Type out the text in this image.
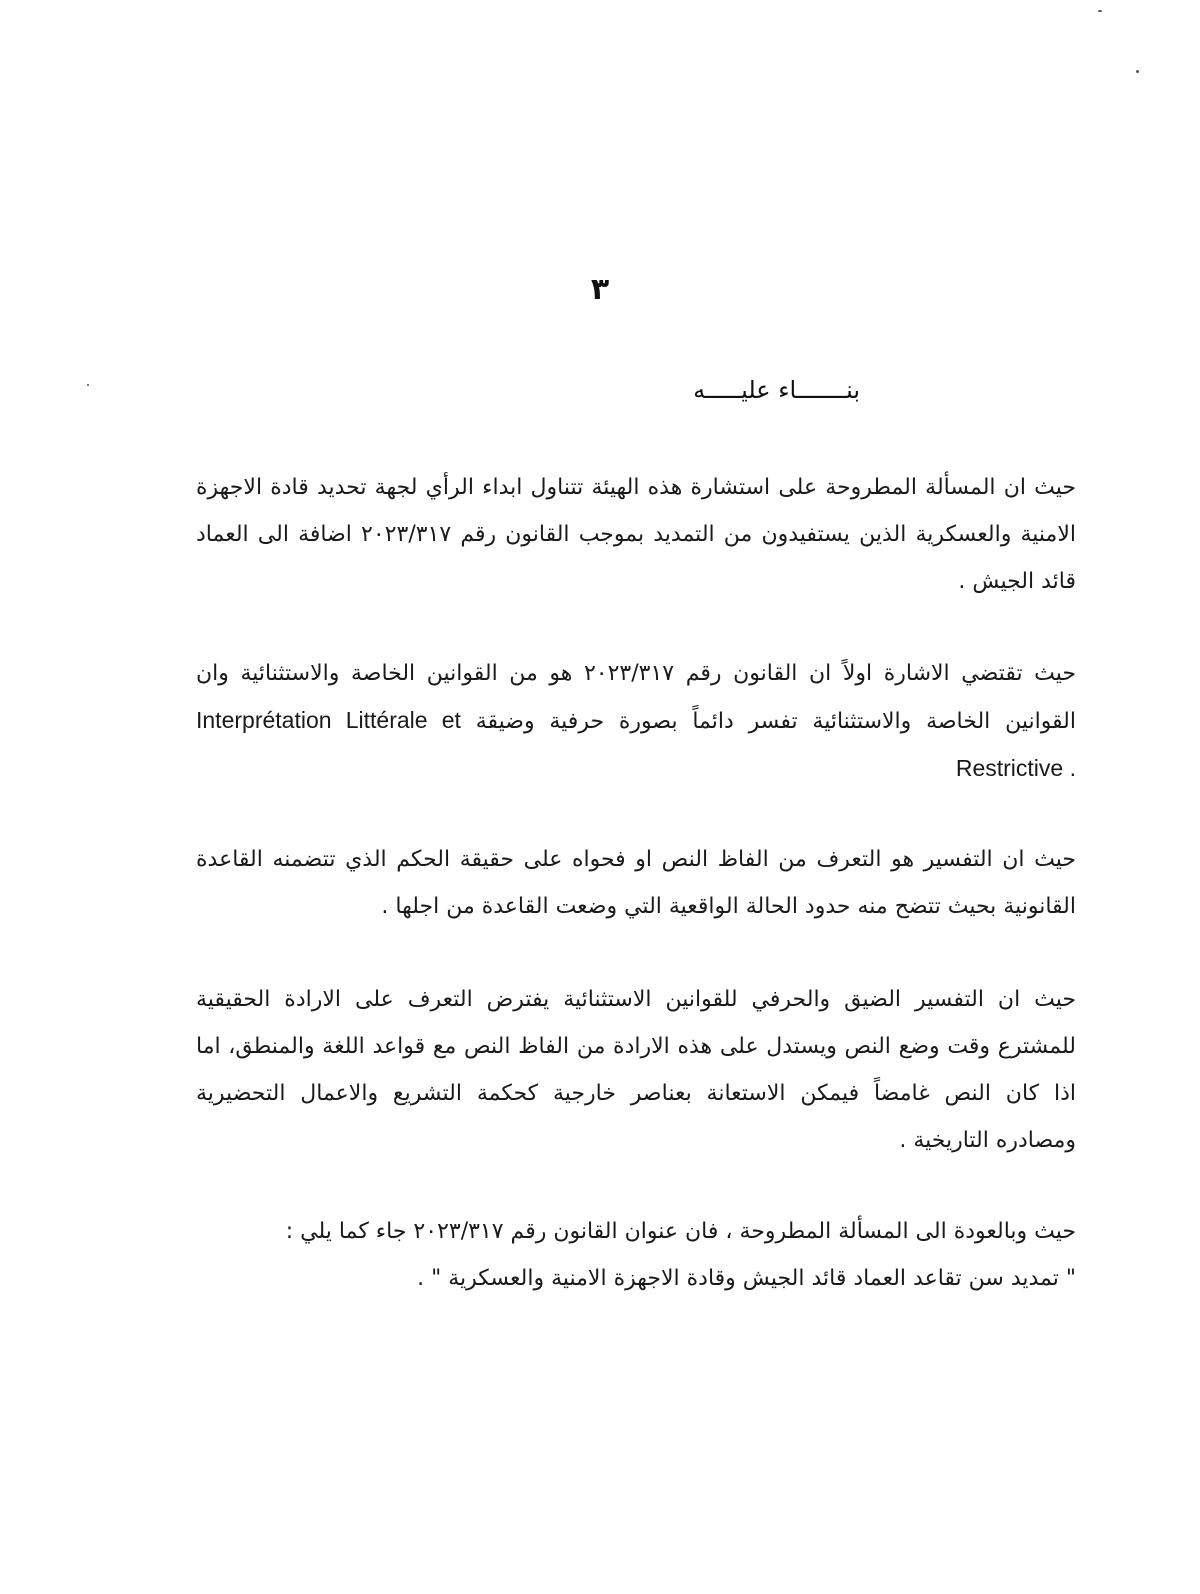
٣
بنـــــــاء عليـــــه

حيث ان المسألة المطروحة على استشارة هذه الهيئة تتناول ابداء الرأي لجهة تحديد قادة الاجهزة الامنية والعسكرية الذين يستفيدون من التمديد بموجب القانون رقم ٢٠٢٣/٣١٧ اضافة الى العماد قائد الجيش .

حيث تقتضي الاشارة اولاً ان القانون رقم ٢٠٢٣/٣١٧ هو من القوانين الخاصة والاستثنائية وان القوانين الخاصة والاستثنائية تفسر دائماً بصورة حرفية وضيقة Interprétation Littérale et Restrictive .

حيث ان التفسير هو التعرف من الفاظ النص او فحواه على حقيقة الحكم الذي تتضمنه القاعدة القانونية بحيث تتضح منه حدود الحالة الواقعية التي وضعت القاعدة من اجلها .

حيث ان التفسير الضيق والحرفي للقوانين الاستثنائية يفترض التعرف على الارادة الحقيقية للمشترع وقت وضع النص ويستدل على هذه الارادة من الفاظ النص مع قواعد اللغة والمنطق، اما اذا كان النص غامضاً فيمكن الاستعانة بعناصر خارجية كحكمة التشريع والاعمال التحضيرية ومصادره التاريخية .

حيث وبالعودة الى المسألة المطروحة ، فان عنوان القانون رقم ٢٠٢٣/٣١٧ جاء كما يلي :
" تمديد سن تقاعد العماد قائد الجيش وقادة الاجهزة الامنية والعسكرية " .
